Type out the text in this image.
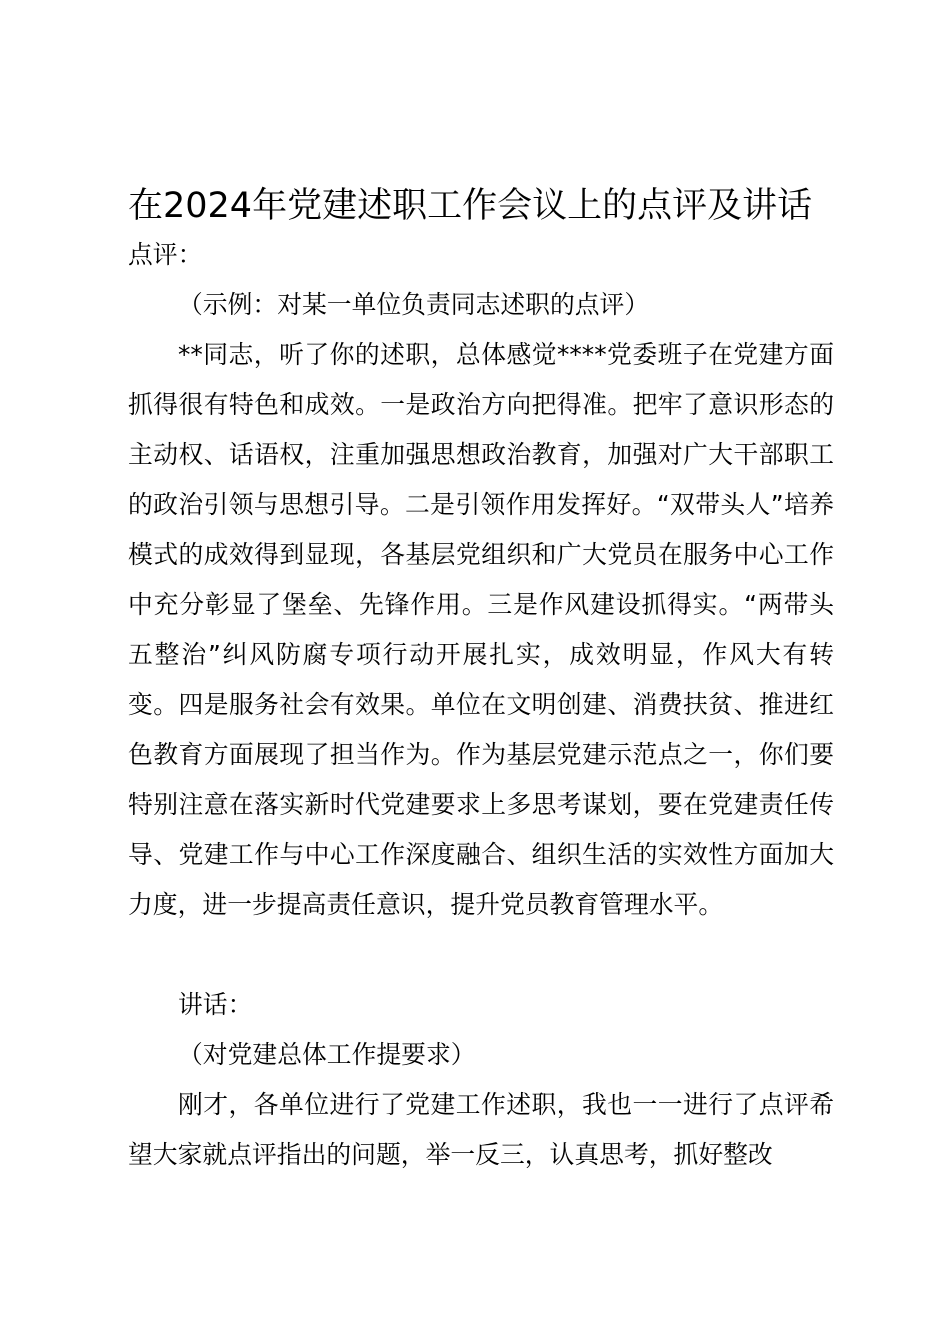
在2024年党建述职工作会议上的点评及讲话
点评：
（示例：对某一单位负责同志述职的点评）
**同志，听了你的述职，总体感觉****党委班子在党建方面抓得很有特色和成效。一是政治方向把得准。把牢了意识形态的主动权、话语权，注重加强思想政治教育，加强对广大干部职工的政治引领与思想引导。二是引领作用发挥好。“双带头人”培养模式的成效得到显现，各基层党组织和广大党员在服务中心工作中充分彰显了堡垒、先锋作用。三是作风建设抓得实。“两带头五整治”纠风防腐专项行动开展扎实，成效明显，作风大有转变。四是服务社会有效果。单位在文明创建、消费扶贫、推进红色教育方面展现了担当作为。作为基层党建示范点之一，你们要特别注意在落实新时代党建要求上多思考谋划，要在党建责任传导、党建工作与中心工作深度融合、组织生活的实效性方面加大力度，进一步提高责任意识，提升党员教育管理水平。
讲话：
（对党建总体工作提要求）
刚才，各单位进行了党建工作述职，我也一一进行了点评希望大家就点评指出的问题，举一反三，认真思考，抓好整改
